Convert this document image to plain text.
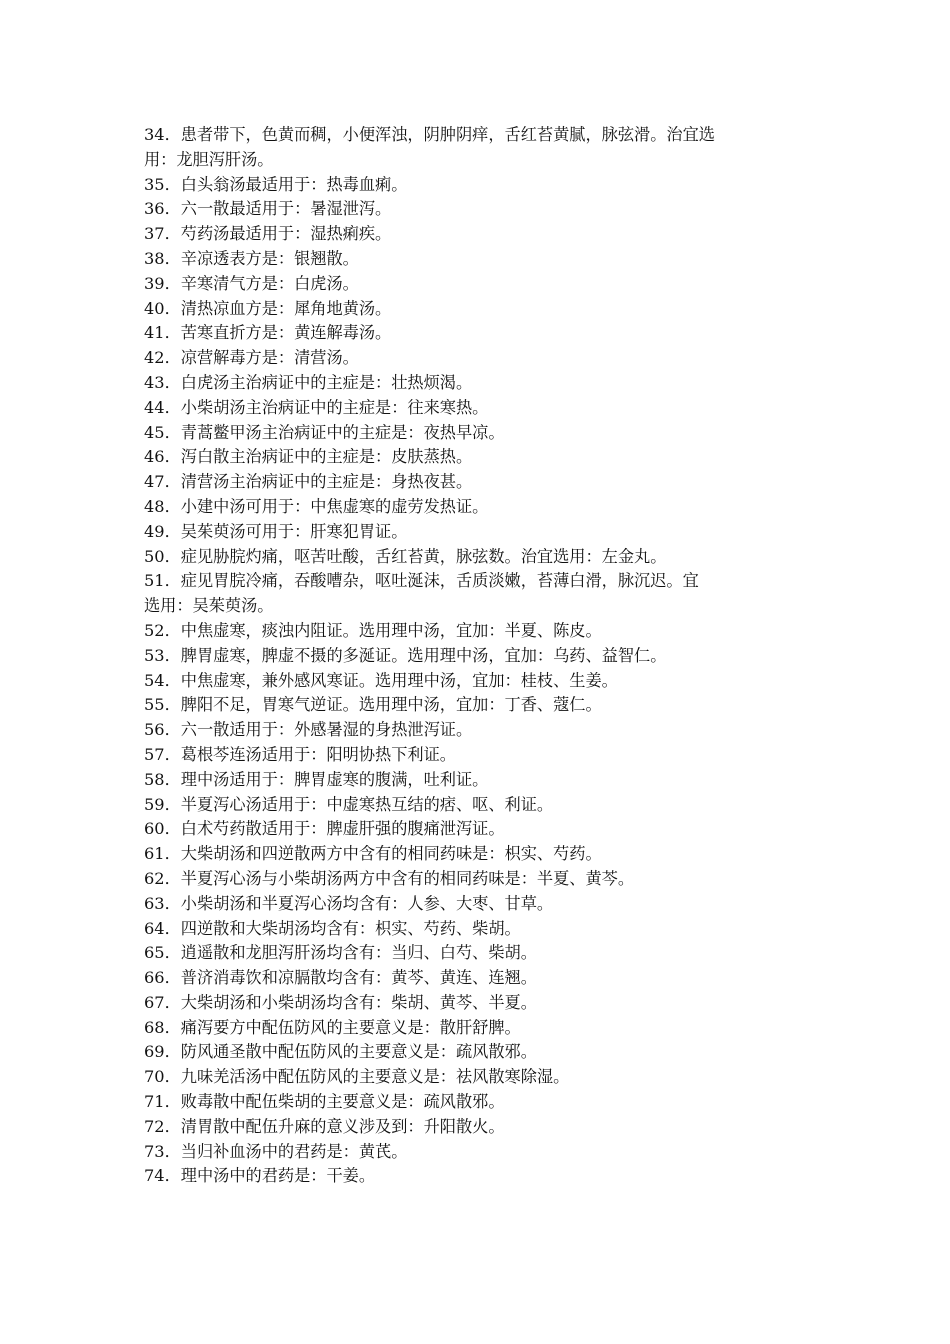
34．患者带下，色黄而稠，小便浑浊，阴肿阴痒，舌红苔黄腻，脉弦滑。治宜选
用：龙胆泻肝汤。
35．白头翁汤最适用于：热毒血痢。
36．六一散最适用于：暑湿泄泻。
37．芍药汤最适用于：湿热痢疾。
38．辛凉透表方是：银翘散。
39．辛寒清气方是：白虎汤。
40．清热凉血方是：犀角地黄汤。
41．苦寒直折方是：黄连解毒汤。
42．凉营解毒方是：清营汤。
43．白虎汤主治病证中的主症是：壮热烦渴。
44．小柴胡汤主治病证中的主症是：往来寒热。
45．青蒿鳖甲汤主治病证中的主症是：夜热早凉。
46．泻白散主治病证中的主症是：皮肤蒸热。
47．清营汤主治病证中的主症是：身热夜甚。
48．小建中汤可用于：中焦虚寒的虚劳发热证。
49．吴茱萸汤可用于：肝寒犯胃证。
50．症见胁脘灼痛，呕苦吐酸，舌红苔黄，脉弦数。治宜选用：左金丸。
51．症见胃脘冷痛，吞酸嘈杂，呕吐涎沫，舌质淡嫩，苔薄白滑，脉沉迟。宜
选用：吴茱萸汤。
52．中焦虚寒，痰浊内阻证。选用理中汤，宜加：半夏、陈皮。
53．脾胃虚寒，脾虚不摄的多涎证。选用理中汤，宜加：乌药、益智仁。
54．中焦虚寒，兼外感风寒证。选用理中汤，宜加：桂枝、生姜。
55．脾阳不足，胃寒气逆证。选用理中汤，宜加：丁香、蔻仁。
56．六一散适用于：外感暑湿的身热泄泻证。
57．葛根芩连汤适用于：阳明协热下利证。
58．理中汤适用于：脾胃虚寒的腹满，吐利证。
59．半夏泻心汤适用于：中虚寒热互结的痞、呕、利证。
60．白术芍药散适用于：脾虚肝强的腹痛泄泻证。
61．大柴胡汤和四逆散两方中含有的相同药味是：枳实、芍药。
62．半夏泻心汤与小柴胡汤两方中含有的相同药味是：半夏、黄芩。
63．小柴胡汤和半夏泻心汤均含有：人参、大枣、甘草。
64．四逆散和大柴胡汤均含有：枳实、芍药、柴胡。
65．逍遥散和龙胆泻肝汤均含有：当归、白芍、柴胡。
66．普济消毒饮和凉膈散均含有：黄芩、黄连、连翘。
67．大柴胡汤和小柴胡汤均含有：柴胡、黄芩、半夏。
68．痛泻要方中配伍防风的主要意义是：散肝舒脾。
69．防风通圣散中配伍防风的主要意义是：疏风散邪。
70．九味羌活汤中配伍防风的主要意义是：祛风散寒除湿。
71．败毒散中配伍柴胡的主要意义是：疏风散邪。
72．清胃散中配伍升麻的意义涉及到：升阳散火。
73．当归补血汤中的君药是：黄芪。
74．理中汤中的君药是：干姜。
